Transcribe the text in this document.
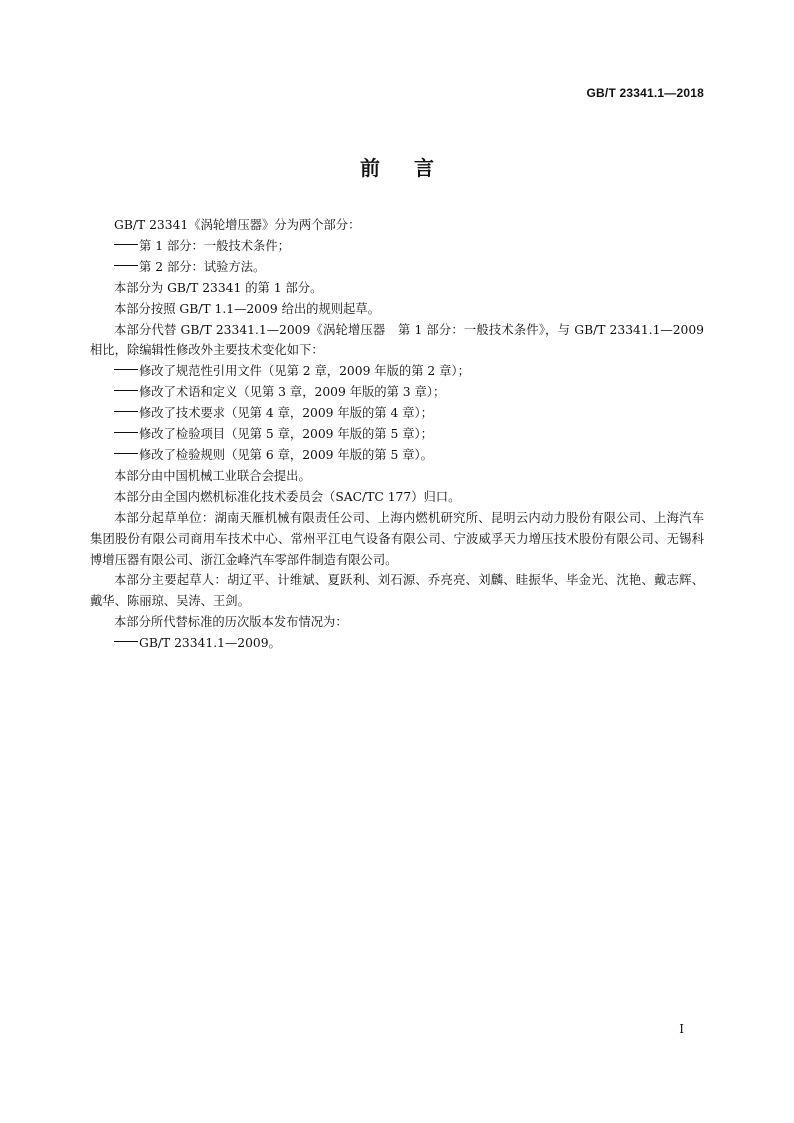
GB/T 23341.1—2018
前言

GB/T 23341《涡轮增压器》分为两个部分：

第 1 部分：一般技术条件；

第 2 部分：试验方法。

本部分为 GB/T 23341 的第 1 部分。

本部分按照 GB/T 1.1—2009 给出的规则起草。

本部分代替 GB/T 23341.1—2009《涡轮增压器　第 1 部分：一般技术条件》，与 GB/T 23341.1—2009 相比，除编辑性修改外主要技术变化如下：

修改了规范性引用文件（见第 2 章，2009 年版的第 2 章）；

修改了术语和定义（见第 3 章，2009 年版的第 3 章）；

修改了技术要求（见第 4 章，2009 年版的第 4 章）；

修改了检验项目（见第 5 章，2009 年版的第 5 章）；

修改了检验规则（见第 6 章，2009 年版的第 5 章）。

本部分由中国机械工业联合会提出。

本部分由全国内燃机标准化技术委员会（SAC/TC 177）归口。

本部分起草单位：湖南天雁机械有限责任公司、上海内燃机研究所、昆明云内动力股份有限公司、上海汽车集团股份有限公司商用车技术中心、常州平江电气设备有限公司、宁波威孚天力增压技术股份有限公司、无锡科博增压器有限公司、浙江金峰汽车零部件制造有限公司。

本部分主要起草人：胡辽平、计维斌、夏跃利、刘石源、乔亮亮、刘麟、眭振华、毕金光、沈艳、戴志辉、戴华、陈丽琼、吴涛、王剑。

本部分所代替标准的历次版本发布情况为：

GB/T 23341.1—2009。

I
